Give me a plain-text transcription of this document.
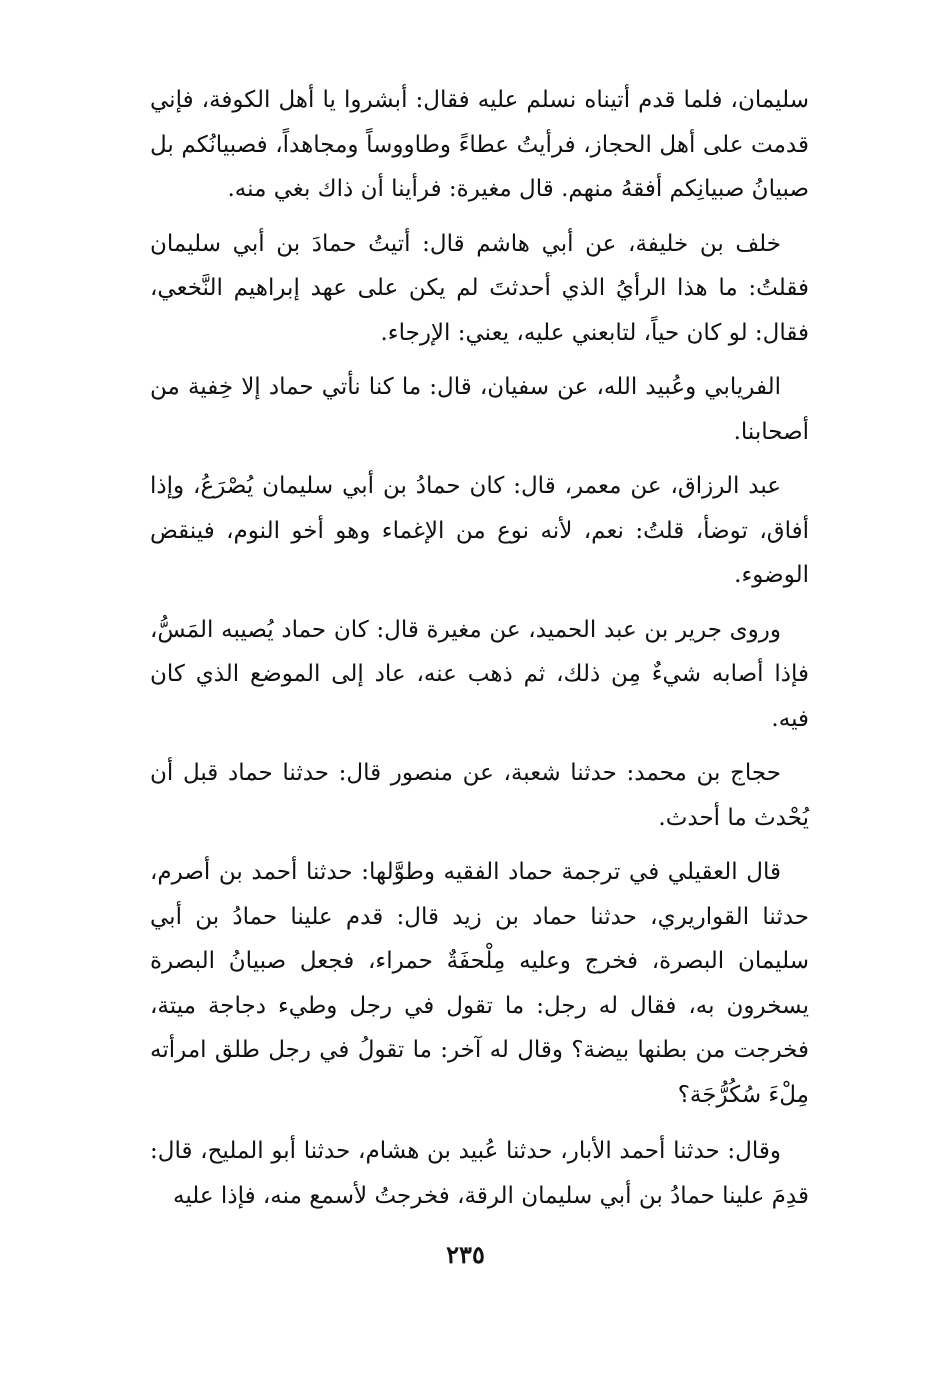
سليمان، فلما قدم أتيناه نسلم عليه فقال: أبشروا يا أهل الكوفة، فإني قدمت على أهل الحجاز، فرأيتُ عطاءً وطاووساً ومجاهداً، فصبيانُكم بل صبيانُ صبيانِكم أفقهُ منهم. قال مغيرة: فرأينا أن ذاك بغي منه.

خلف بن خليفة، عن أبي هاشم قال: أتيتُ حمادَ بن أبي سليمان فقلتُ: ما هذا الرأيُ الذي أحدثتَ لم يكن على عهد إبراهيم النَّخعي، فقال: لو كان حياً، لتابعني عليه، يعني: الإرجاء.

الفريابي وعُبيد الله، عن سفيان، قال: ما كنا نأتي حماد إلا خِفية من أصحابنا.

عبد الرزاق، عن معمر، قال: كان حمادُ بن أبي سليمان يُصْرَعُ، وإذا أفاق، توضأ، قلتُ: نعم، لأنه نوع من الإغماء وهو أخو النوم، فينقض الوضوء.

وروى جرير بن عبد الحميد، عن مغيرة قال: كان حماد يُصيبه المَسُّ، فإذا أصابه شيءٌ مِن ذلك، ثم ذهب عنه، عاد إلى الموضع الذي كان فيه.

حجاج بن محمد: حدثنا شعبة، عن منصور قال: حدثنا حماد قبل أن يُحْدث ما أحدث.

قال العقيلي في ترجمة حماد الفقيه وطوَّلها: حدثنا أحمد بن أصرم، حدثنا القواريري، حدثنا حماد بن زيد قال: قدم علينا حمادُ بن أبي سليمان البصرة، فخرج وعليه مِلْحفَةٌ حمراء، فجعل صبيانُ البصرة يسخرون به، فقال له رجل: ما تقول في رجل وطيء دجاجة ميتة، فخرجت من بطنها بيضة؟ وقال له آخر: ما تقولُ في رجل طلق امرأته مِلْءَ سُكُرُّجَة؟

وقال: حدثنا أحمد الأبار، حدثنا عُبيد بن هشام، حدثنا أبو المليح، قال: قدِمَ علينا حمادُ بن أبي سليمان الرقة، فخرجتُ لأسمع منه، فإذا عليه

٢٣٥
